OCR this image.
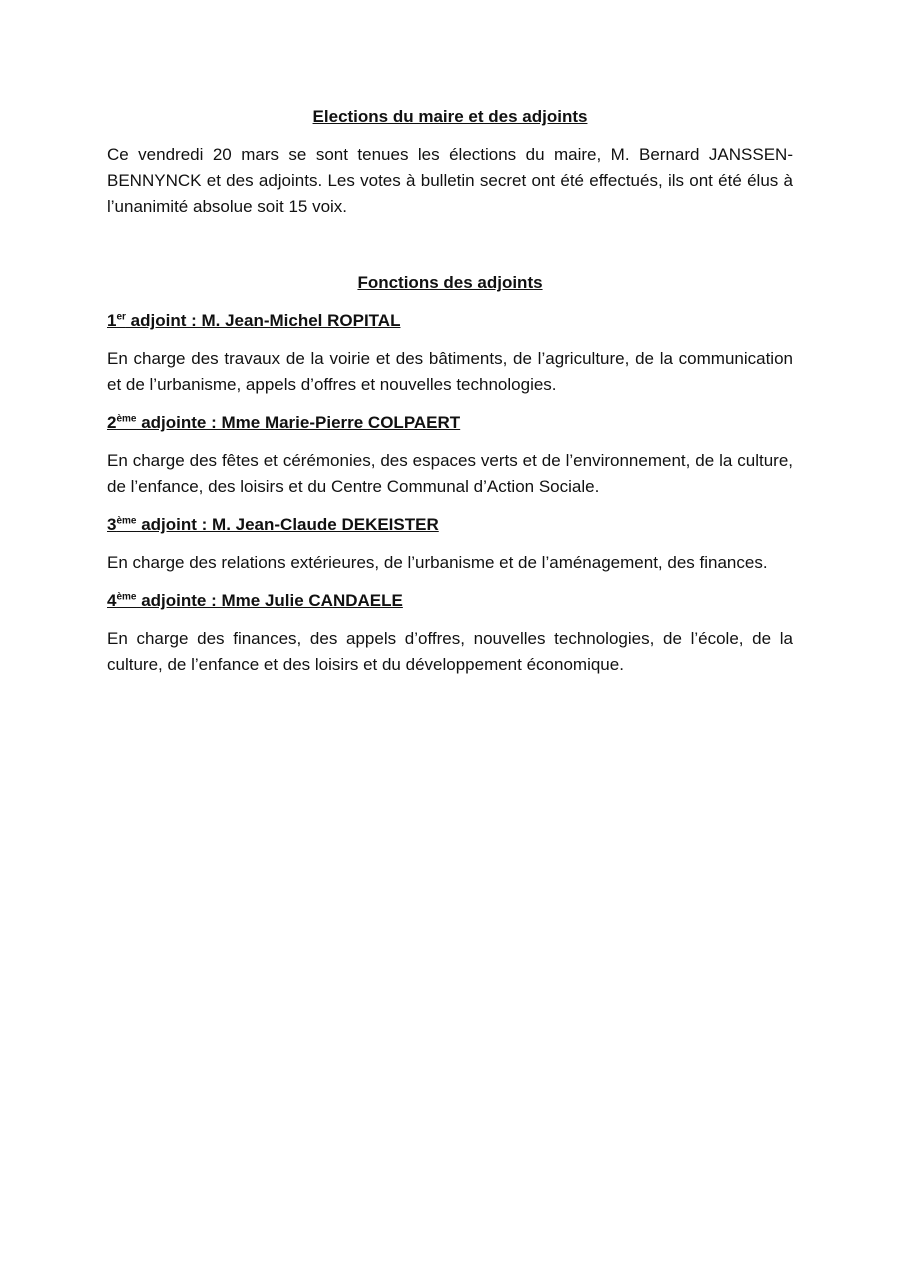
Elections du maire et des adjoints
Ce vendredi 20 mars se sont tenues les élections du maire, M. Bernard JANSSEN-BENNYNCK et des adjoints. Les votes à bulletin secret ont été effectués, ils ont été élus à l’unanimité absolue soit 15 voix.
Fonctions des adjoints
1er adjoint : M. Jean-Michel ROPITAL
En charge des travaux de la voirie et des bâtiments, de l’agriculture, de la communication et de l’urbanisme, appels d’offres et nouvelles technologies.
2ème adjointe : Mme Marie-Pierre COLPAERT
En charge des fêtes et cérémonies, des espaces verts et de l’environnement, de la culture, de l’enfance, des loisirs et du Centre Communal d’Action Sociale.
3ème adjoint : M. Jean-Claude DEKEISTER
En charge des relations extérieures, de l’urbanisme et de l’aménagement, des finances.
4ème adjointe : Mme Julie CANDAELE
En charge des finances, des appels d’offres, nouvelles technologies, de l’école, de la culture, de l’enfance et des loisirs et du développement économique.
